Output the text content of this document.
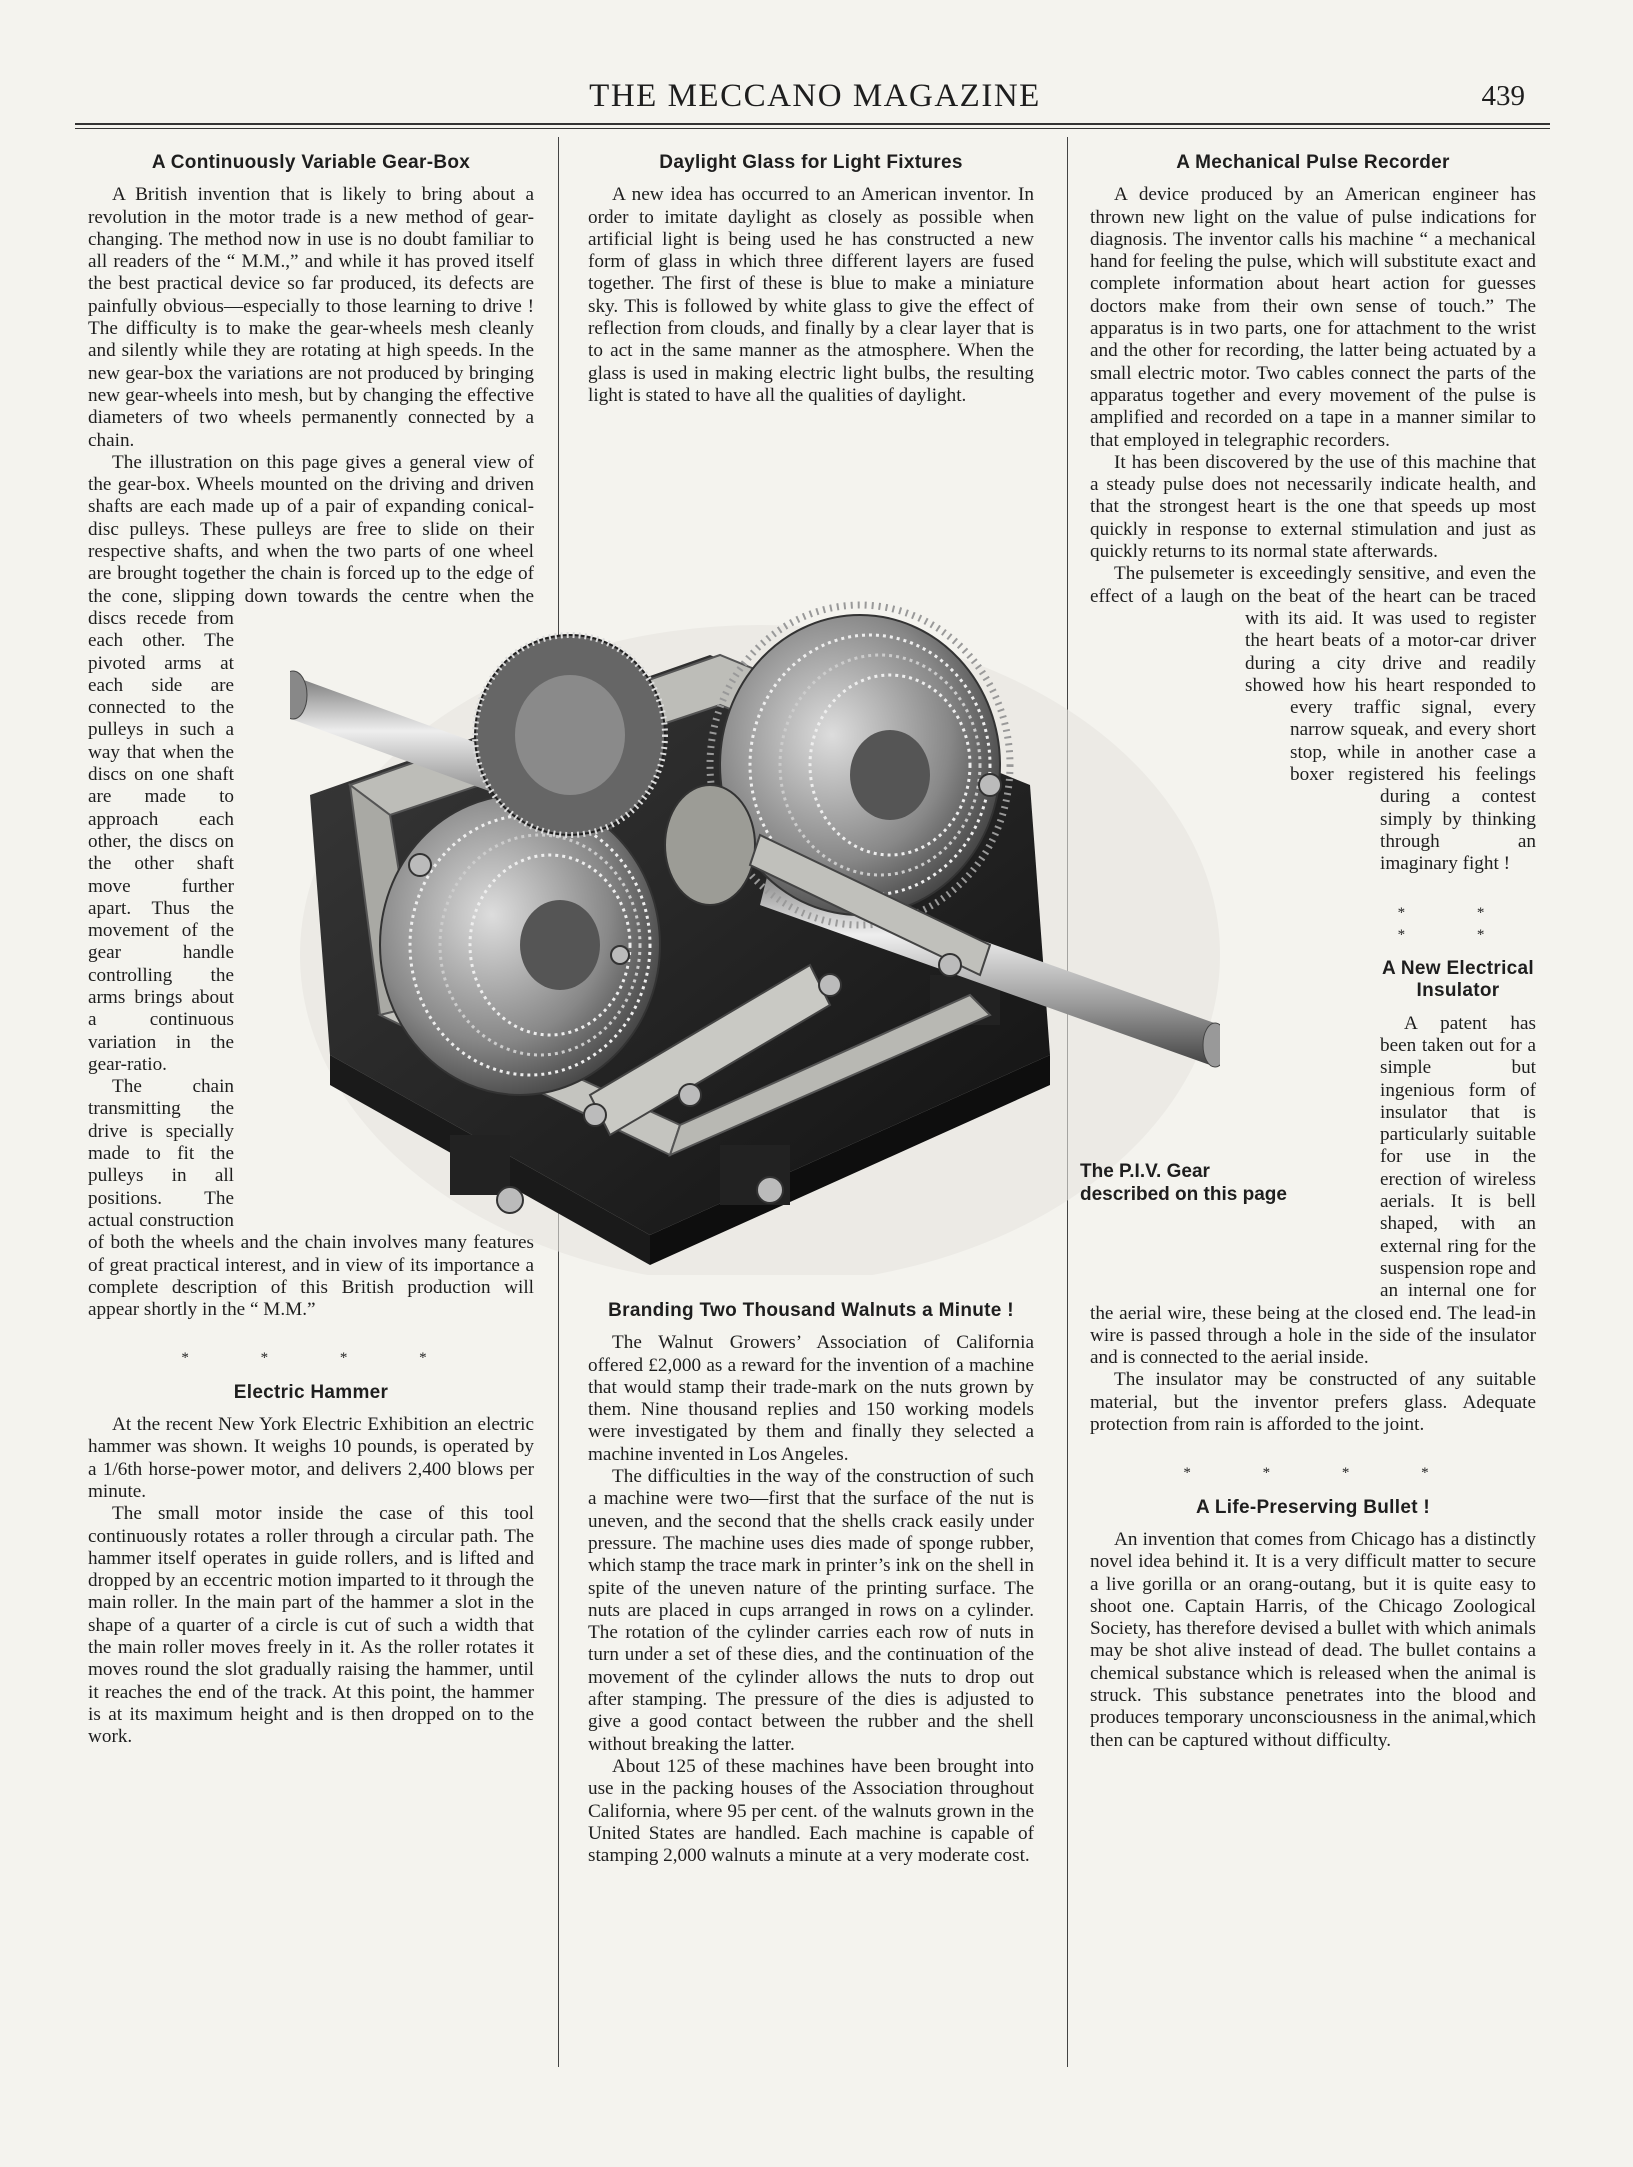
THE MECCANO MAGAZINE	439
A Continuously Variable Gear-Box

A British invention that is likely to bring about a revolution in the motor trade is a new method of gear-changing. The method now in use is no doubt familiar to all readers of the “ M.M.,” and while it has proved itself the best practical device so far produced, its defects are painfully obvious—especially to those learning to drive ! The difficulty is to make the gear-wheels mesh cleanly and silently while they are rotating at high speeds. In the new gear-box the variations are not produced by bringing new gear-wheels into mesh, but by changing the effective diameters of two wheels permanently connected by a chain.

The illustration on this page gives a general view of the gear-box. Wheels mounted on the driving and driven shafts are each made up of a pair of expanding conical-disc pulleys. These pulleys are free to slide on their respective shafts, and when the two parts of one wheel are brought together the chain is forced up to the edge of the cone, slipping down towards the centre when the discs recede from each other. The pivoted arms at each side are connected to the pulleys in such a way that when the discs on one shaft are made to approach each other, the discs on the other shaft move further apart. Thus the movement of the gear handle controlling the arms brings about a continuous variation in the gear-ratio.

The chain transmitting the drive is specially made to fit the pulleys in all positions. The actual construction of both the wheels and the chain involves many features of great practical interest, and in view of its importance a complete description of this British production will appear shortly in the “ M.M.”

* * * *
Electric Hammer

At the recent New York Electric Exhibition an electric hammer was shown. It weighs 10 pounds, is operated by a 1/6th horse-power motor, and delivers 2,400 blows per minute.

The small motor inside the case of this tool continuously rotates a roller through a circular path. The hammer itself operates in guide rollers, and is lifted and dropped by an eccentric motion imparted to it through the main roller. In the main part of the hammer a slot in the shape of a quarter of a circle is cut of such a width that the main roller moves freely in it. As the roller rotates it moves round the slot gradually raising the hammer, until it reaches the end of the track. At this point, the hammer is at its maximum height and is then dropped on to the work.

Daylight Glass for Light Fixtures

A new idea has occurred to an American inventor. In order to imitate daylight as closely as possible when artificial light is being used he has constructed a new form of glass in which three different layers are fused together. The first of these is blue to make a miniature sky. This is followed by white glass to give the effect of reflection from clouds, and finally by a clear layer that is to act in the same manner as the atmosphere. When the glass is used in making electric light bulbs, the resulting light is stated to have all the qualities of daylight.

Branding Two Thousand Walnuts a Minute !

The Walnut Growers’ Association of California offered £2,000 as a reward for the invention of a machine that would stamp their trade-mark on the nuts grown by them. Nine thousand replies and 150 working models were investigated by them and finally they selected a machine invented in Los Angeles.

The difficulties in the way of the construction of such a machine were two—first that the surface of the nut is uneven, and the second that the shells crack easily under pressure. The machine uses dies made of sponge rubber, which stamp the trace mark in printer’s ink on the shell in spite of the uneven nature of the printing surface. The nuts are placed in cups arranged in rows on a cylinder. The rotation of the cylinder carries each row of nuts in turn under a set of these dies, and the continuation of the movement of the cylinder allows the nuts to drop out after stamping. The pressure of the dies is adjusted to give a good contact between the rubber and the shell without breaking the latter.

About 125 of these machines have been brought into use in the packing houses of the Association throughout California, where 95 per cent. of the walnuts grown in the United States are handled. Each machine is capable of stamping 2,000 walnuts a minute at a very moderate cost.

A Mechanical Pulse Recorder

A device produced by an American engineer has thrown new light on the value of pulse indications for diagnosis. The inventor calls his machine “ a mechanical hand for feeling the pulse, which will substitute exact and complete information about heart action for guesses doctors make from their own sense of touch.” The apparatus is in two parts, one for attachment to the wrist and the other for recording, the latter being actuated by a small electric motor. Two cables connect the parts of the apparatus together and every movement of the pulse is amplified and recorded on a tape in a manner similar to that employed in telegraphic recorders.

It has been discovered by the use of this machine that a steady pulse does not necessarily indicate health, and that the strongest heart is the one that speeds up most quickly in response to external stimulation and just as quickly returns to its normal state afterwards.

The pulsemeter is exceedingly sensitive, and even the effect of a laugh on the beat of the heart can be traced with its aid. It was used to register the heart beats of a motor-car driver during a city drive and readily showed how his heart responded to every traffic signal, every narrow squeak, and every short stop, while in another case a boxer registered his feelings during a contest simply by thinking through an imaginary fight !

* * * *
A New Electrical Insulator

A patent has been taken out for a simple but ingenious form of insulator that is particularly suitable for use in the erection of wireless aerials. It is bell shaped, with an external ring for the suspension rope and an internal one for the aerial wire, these being at the closed end. The lead-in wire is passed through a hole in the side of the insulator and is connected to the aerial inside.

The insulator may be constructed of any suitable material, but the inventor prefers glass. Adequate protection from rain is afforded to the joint.

* * * *
A Life-Preserving Bullet !

An invention that comes from Chicago has a distinctly novel idea behind it. It is a very difficult matter to secure a live gorilla or an orang-outang, but it is quite easy to shoot one. Captain Harris, of the Chicago Zoological Society, has therefore devised a bullet with which animals may be shot alive instead of dead. The bullet contains a chemical substance which is released when the animal is struck. This substance penetrates into the blood and produces temporary unconsciousness in the animal,which then can be captured without difficulty.

The P.I.V. Gear
described on this page
